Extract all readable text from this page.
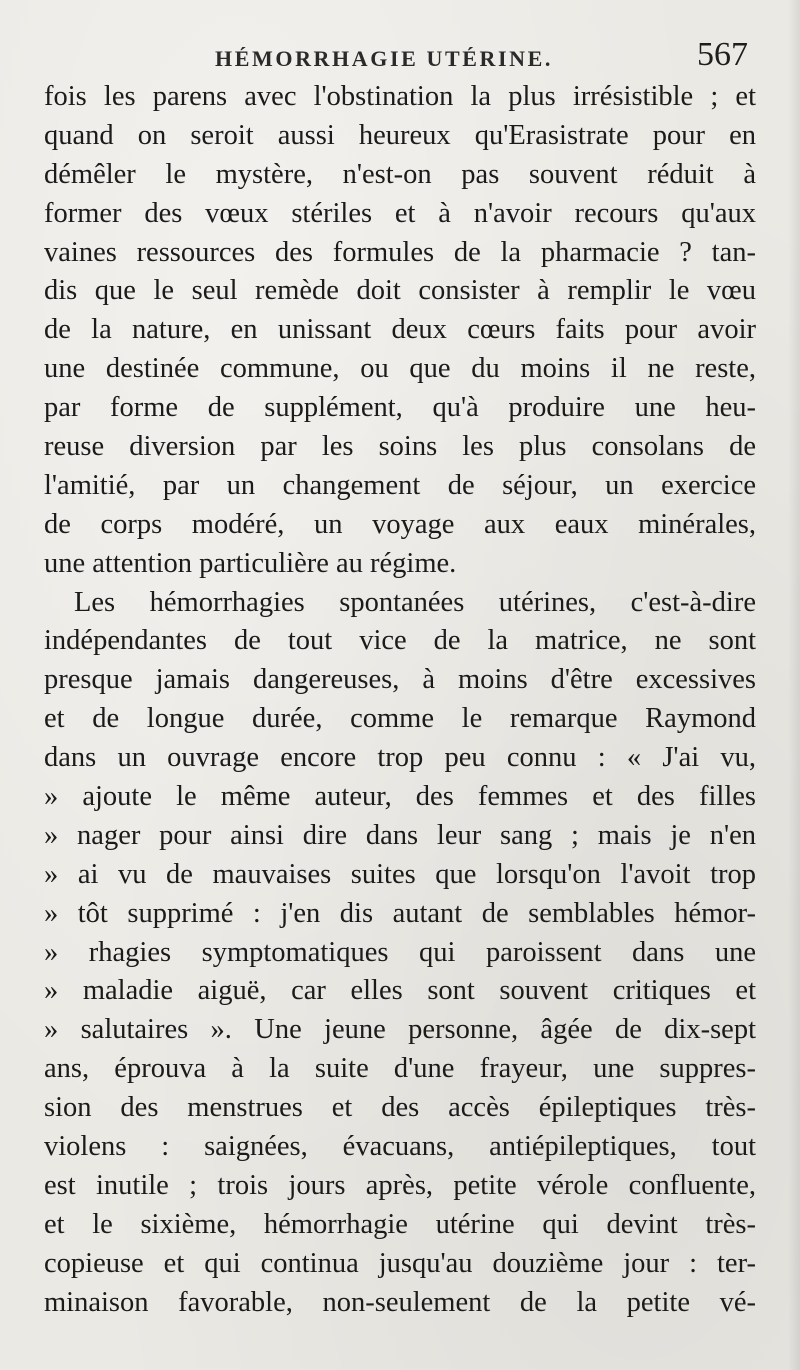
HÉMORRHAGIE UTÉRINE.	567
fois les parens avec l'obstination la plus irrésistible ; et
quand on seroit aussi heureux qu'Erasistrate pour en
démêler le mystère, n'est-on pas souvent réduit à
former des vœux stériles et à n'avoir recours qu'aux
vaines ressources des formules de la pharmacie ? tan-
dis que le seul remède doit consister à remplir le vœu
de la nature, en unissant deux cœurs faits pour avoir
une destinée commune, ou que du moins il ne reste,
par forme de supplément, qu'à produire une heu-
reuse diversion par les soins les plus consolans de
l'amitié, par un changement de séjour, un exercice
de corps modéré, un voyage aux eaux minérales,
une attention particulière au régime.
Les hémorrhagies spontanées utérines, c'est-à-dire
indépendantes de tout vice de la matrice, ne sont
presque jamais dangereuses, à moins d'être excessives
et de longue durée, comme le remarque Raymond
dans un ouvrage encore trop peu connu : « J'ai vu,
» ajoute le même auteur, des femmes et des filles
» nager pour ainsi dire dans leur sang ; mais je n'en
» ai vu de mauvaises suites que lorsqu'on l'avoit trop
» tôt supprimé : j'en dis autant de semblables hémor-
» rhagies symptomatiques qui paroissent dans une
» maladie aiguë, car elles sont souvent critiques et
» salutaires ». Une jeune personne, âgée de dix-sept
ans, éprouva à la suite d'une frayeur, une suppres-
sion des menstrues et des accès épileptiques très-
violens : saignées, évacuans, antiépileptiques, tout
est inutile ; trois jours après, petite vérole confluente,
et le sixième, hémorrhagie utérine qui devint très-
copieuse et qui continua jusqu'au douzième jour : ter-
minaison favorable, non-seulement de la petite vé-
